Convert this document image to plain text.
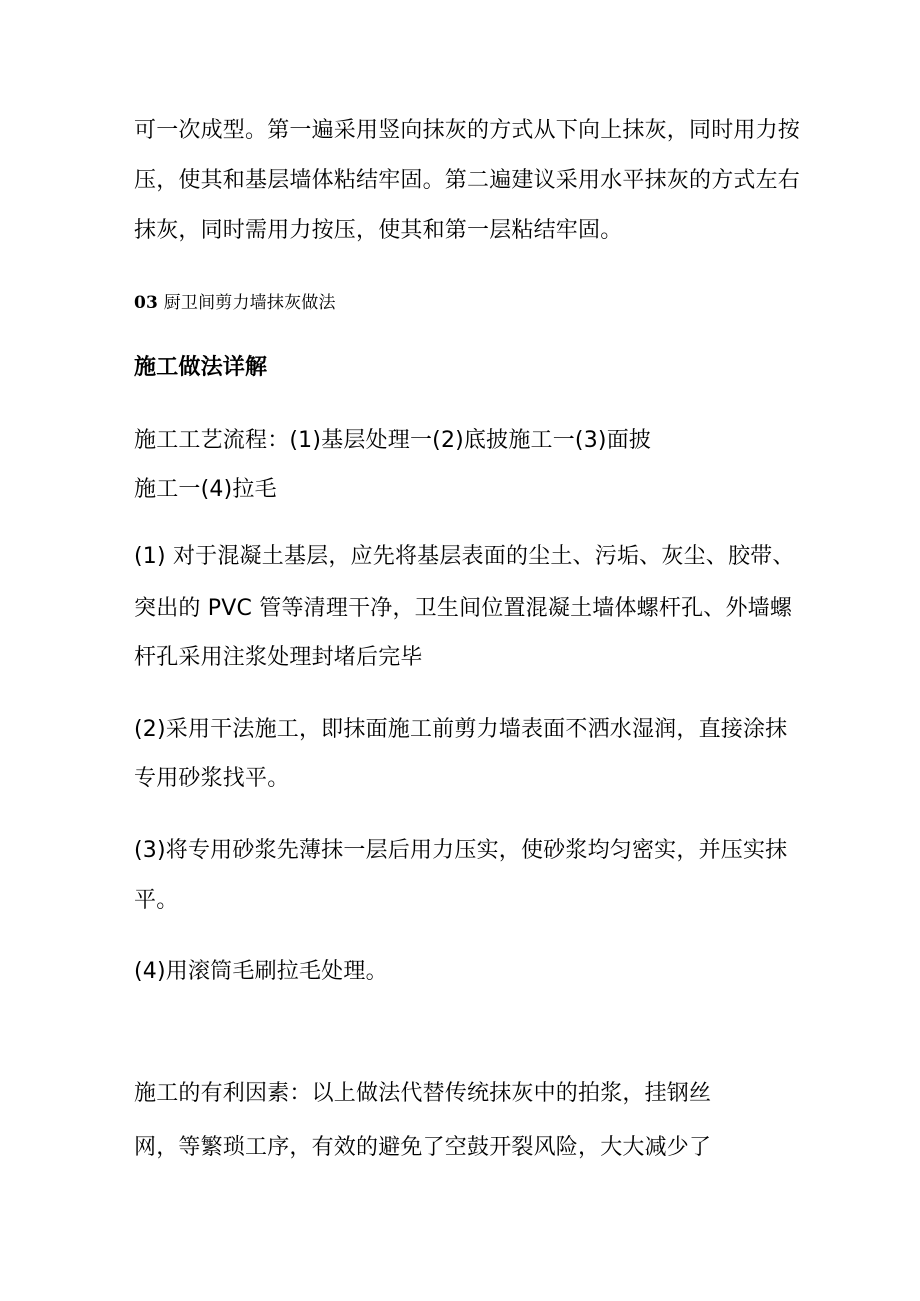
可一次成型。第一遍采用竖向抹灰的方式从下向上抹灰，同时用力按
压，使其和基层墙体粘结牢固。第二遍建议采用水平抹灰的方式左右
抹灰，同时需用力按压，使其和第一层粘结牢固。
03 厨卫间剪力墙抹灰做法
施工做法详解
施工工艺流程：(1)基层处理一(2)底披施工一(3)面披
施工一(4)拉毛
(1) 对于混凝土基层，应先将基层表面的尘土、污垢、灰尘、胶带、
突出的 PVC 管等清理干净，卫生间位置混凝土墙体螺杆孔、外墙螺
杆孔采用注浆处理封堵后完毕
(2)采用干法施工，即抹面施工前剪力墙表面不洒水湿润，直接涂抹
专用砂浆找平。
(3)将专用砂浆先薄抹一层后用力压实，使砂浆均匀密实，并压实抹
平。
(4)用滚筒毛刷拉毛处理。
施工的有利因素：以上做法代替传统抹灰中的拍浆，挂钢丝
网，等繁琐工序，有效的避免了空鼓开裂风险，大大减少了
